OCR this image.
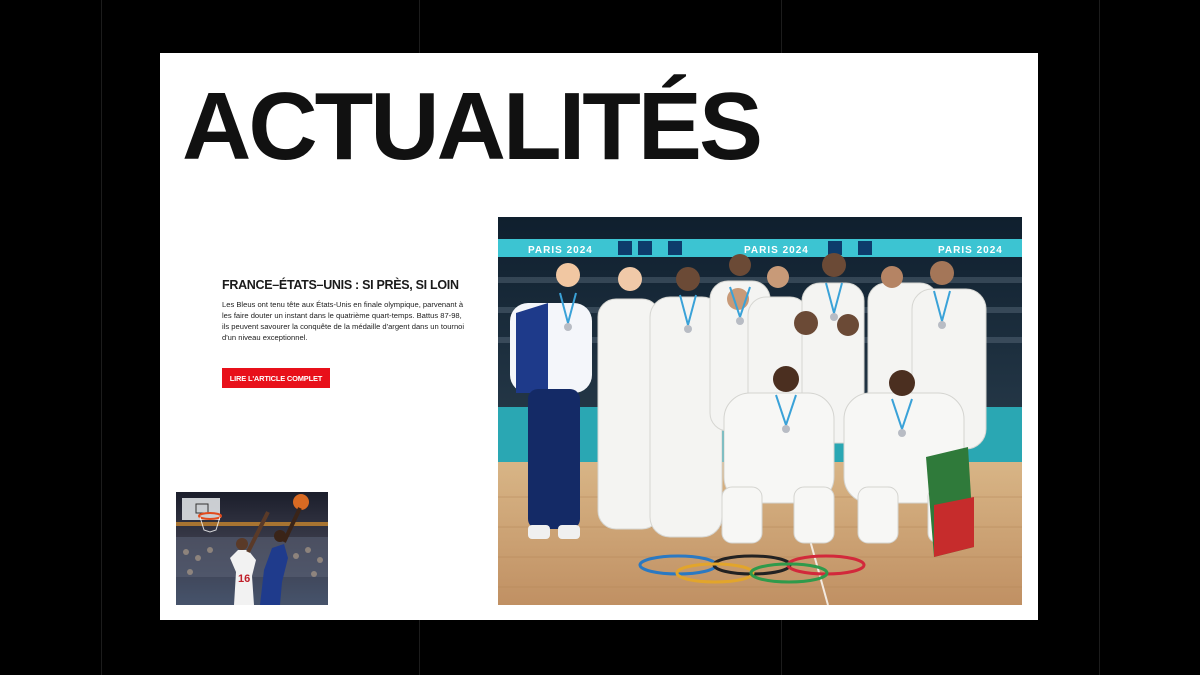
ACTUALITÉS
FRANCE–ÉTATS–UNIS : SI PRÈS, SI LOIN

Les Bleus ont tenu tête aux États-Unis en finale olympique, parvenant à les faire douter un instant dans le quatrième quart-temps. Battus 87-98, ils peuvent savourer la conquête de la médaille d'argent dans un tournoi d'un niveau exceptionnel.

LIRE L'ARTICLE COMPLET
16
PARIS 2024	PARIS 2024	PARIS 2024
